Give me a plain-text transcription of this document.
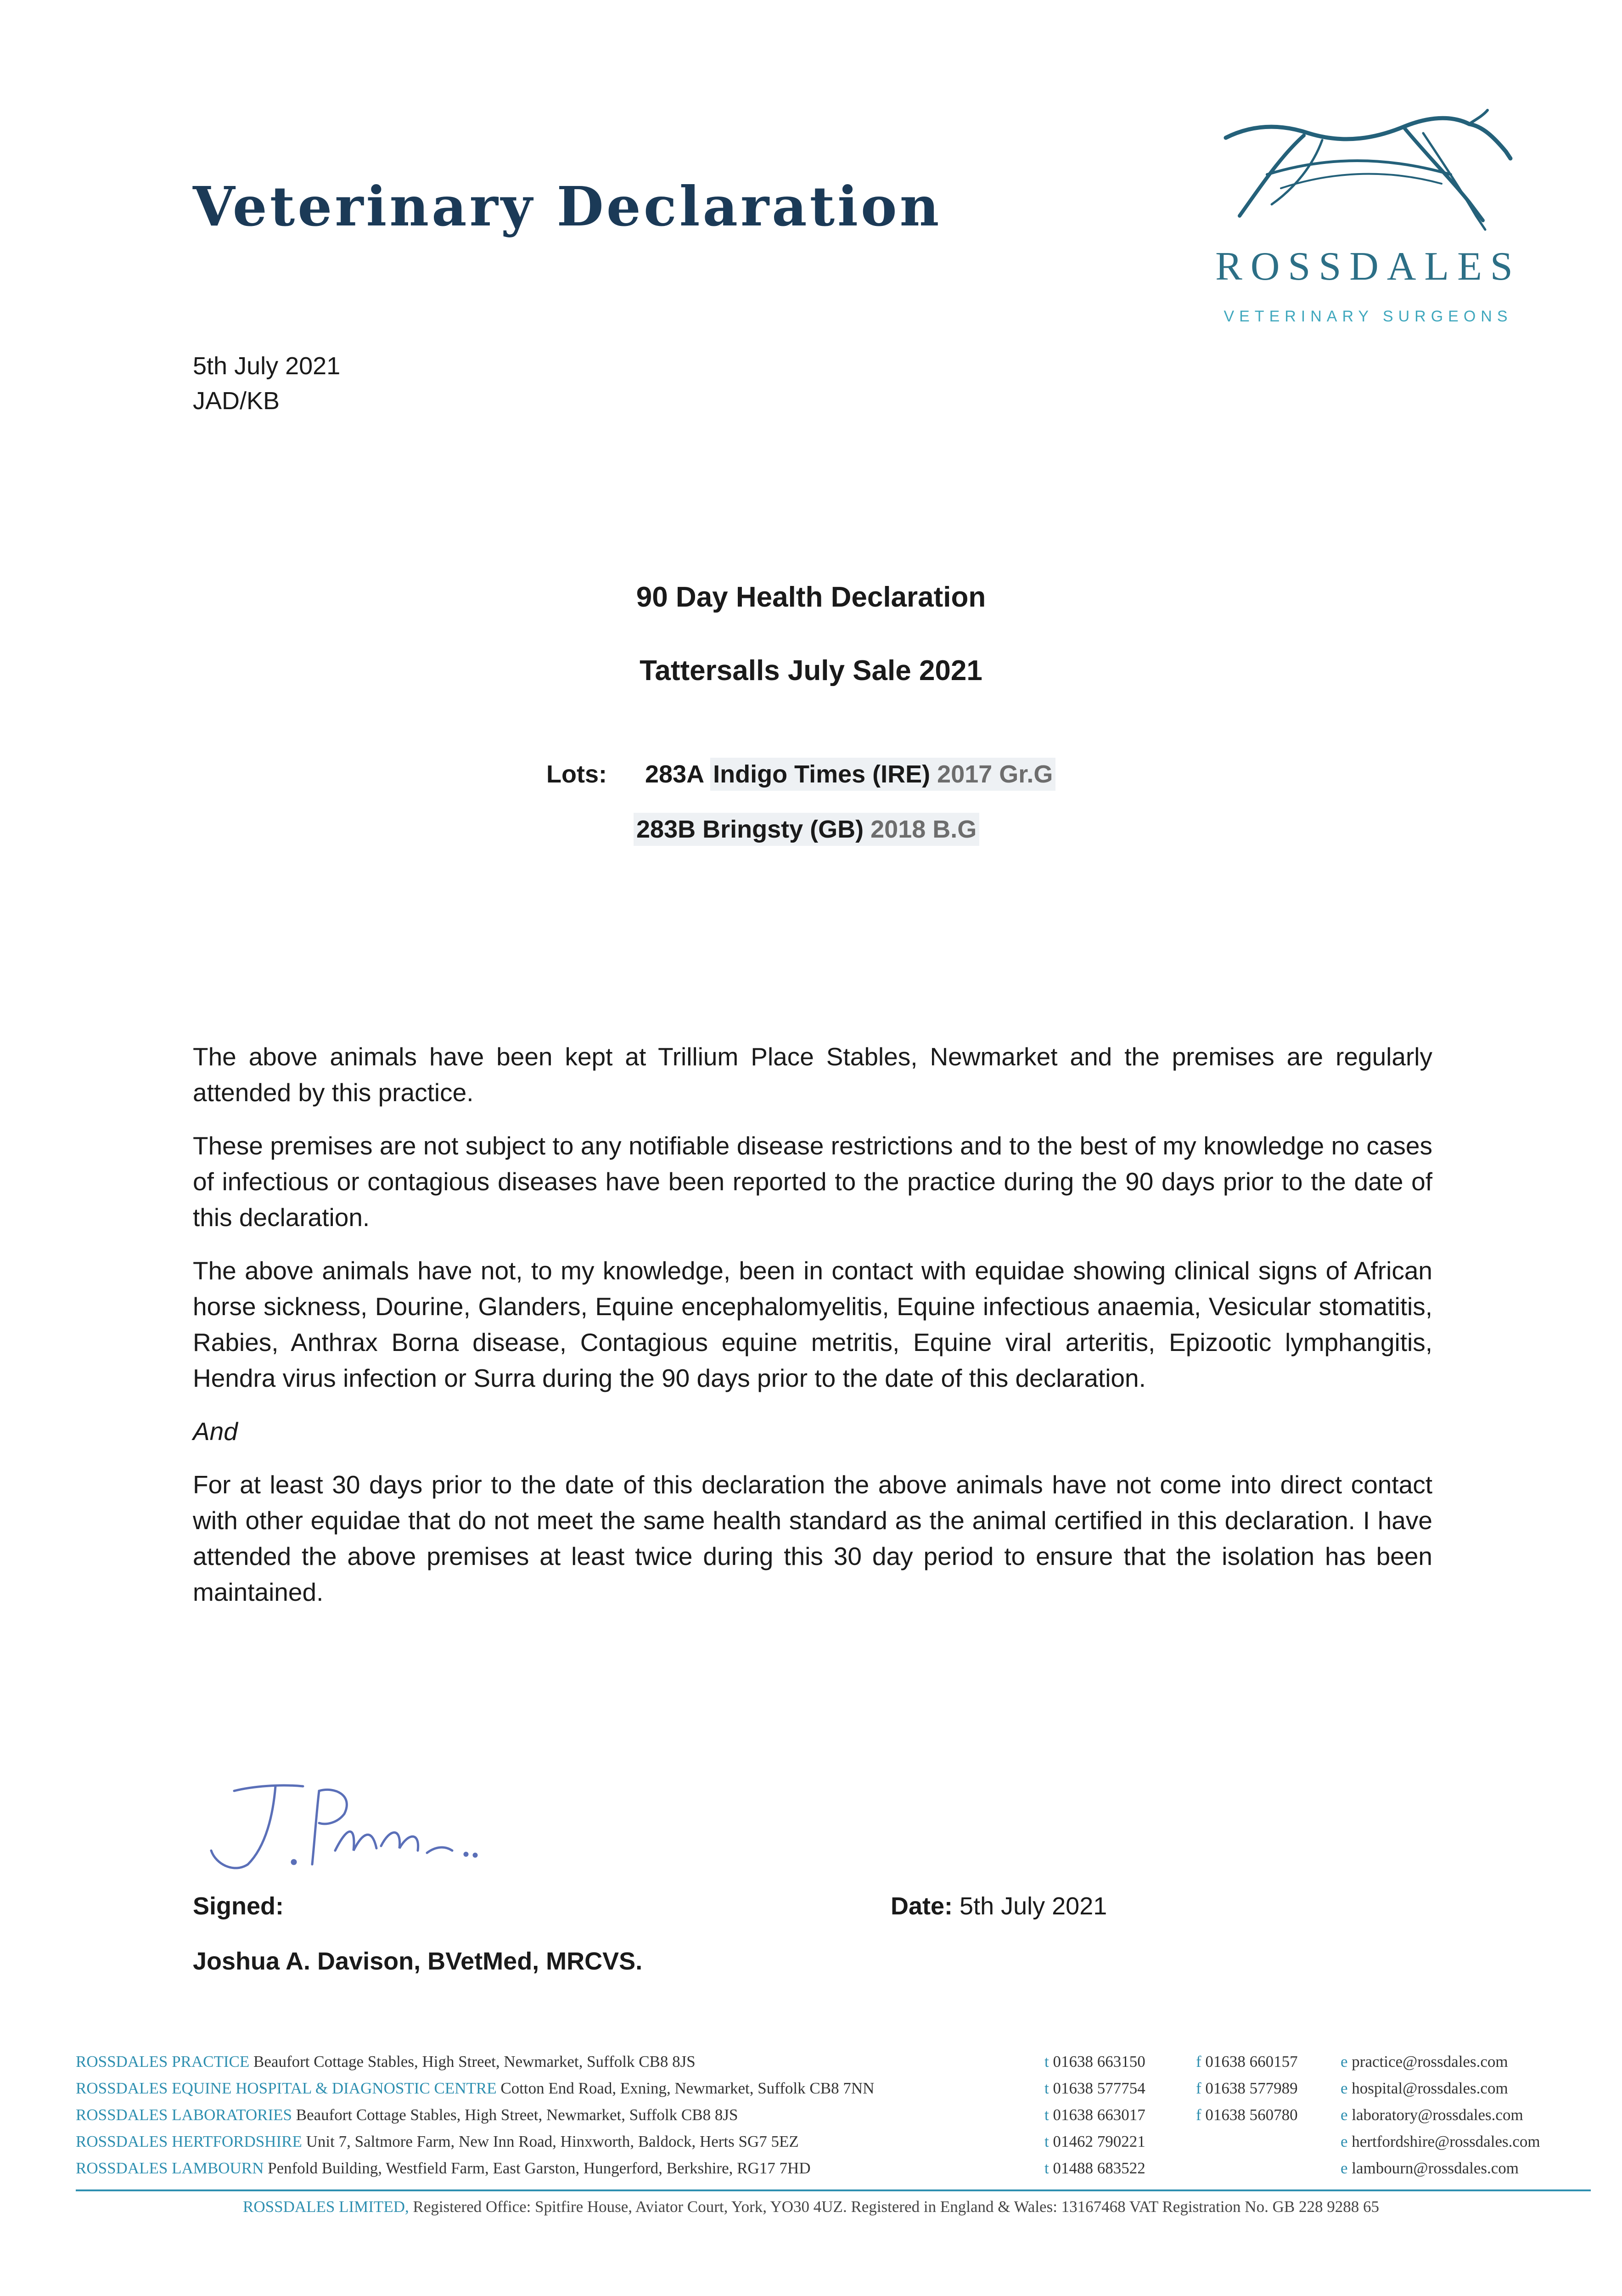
Veterinary Declaration
ROSSDALES
VETERINARY SURGEONS
5th July 2021
JAD/KB
90 Day Health Declaration
Tattersalls July Sale 2021
Lots: 283A Indigo Times (IRE) 2017 Gr.G
283B Bringsty (GB) 2018 B.G

The above animals have been kept at Trillium Place Stables, Newmarket and the premises are regularly attended by this practice.

These premises are not subject to any notifiable disease restrictions and to the best of my knowledge no cases of infectious or contagious diseases have been reported to the practice during the 90 days prior to the date of this declaration.

The above animals have not, to my knowledge, been in contact with equidae showing clinical signs of African horse sickness, Dourine, Glanders, Equine encephalomyelitis, Equine infectious anaemia, Vesicular stomatitis, Rabies, Anthrax Borna disease, Contagious equine metritis, Equine viral arteritis, Epizootic lymphangitis, Hendra virus infection or Surra during the 90 days prior to the date of this declaration.

And

For at least 30 days prior to the date of this declaration the above animals have not come into direct contact with other equidae that do not meet the same health standard as the animal certified in this declaration. I have attended the above premises at least twice during this 30 day period to ensure that the isolation has been maintained.

Signed:	Date: 5th July 2021
Joshua A. Davison, BVetMed, MRCVS.
ROSSDALES PRACTICE Beaufort Cottage Stables, High Street, Newmarket, Suffolk CB8 8JS	t 01638 663150	f 01638 660157	e practice@rossdales.com
ROSSDALES EQUINE HOSPITAL & DIAGNOSTIC CENTRE Cotton End Road, Exning, Newmarket, Suffolk CB8 7NN	t 01638 577754	f 01638 577989	e hospital@rossdales.com
ROSSDALES LABORATORIES Beaufort Cottage Stables, High Street, Newmarket, Suffolk CB8 8JS	t 01638 663017	f 01638 560780	e laboratory@rossdales.com
ROSSDALES HERTFORDSHIRE Unit 7, Saltmore Farm, New Inn Road, Hinxworth, Baldock, Herts SG7 5EZ	t 01462 790221	e hertfordshire@rossdales.com
ROSSDALES LAMBOURN Penfold Building, Westfield Farm, East Garston, Hungerford, Berkshire, RG17 7HD	t 01488 683522	e lambourn@rossdales.com
ROSSDALES LIMITED, Registered Office: Spitfire House, Aviator Court, York, YO30 4UZ. Registered in England & Wales: 13167468 VAT Registration No. GB 228 9288 65
